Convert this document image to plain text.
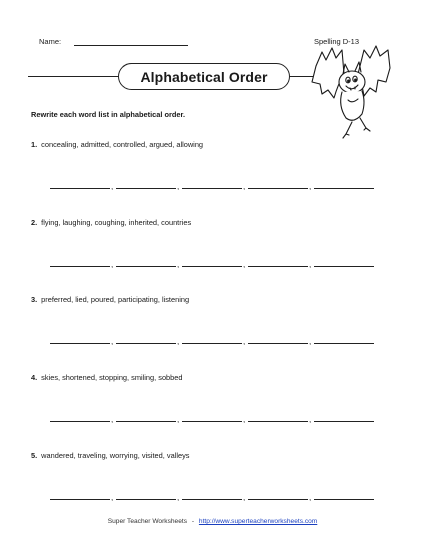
Name:	Spelling D-13
Alphabetical Order
Rewrite each word list in alphabetical order.
1. concealing, admitted, controlled, argued, allowing
,	,	,	,
2. flying, laughing, coughing, inherited, countries
,	,	,	,
3. preferred, lied, poured, participating, listening
,	,	,	,
4. skies, shortened, stopping, smiling, sobbed
,	,	,	,
5. wandered, traveling, worrying, visited, valleys
,	,	,	,
Super Teacher Worksheets - http://www.superteacherworksheets.com
